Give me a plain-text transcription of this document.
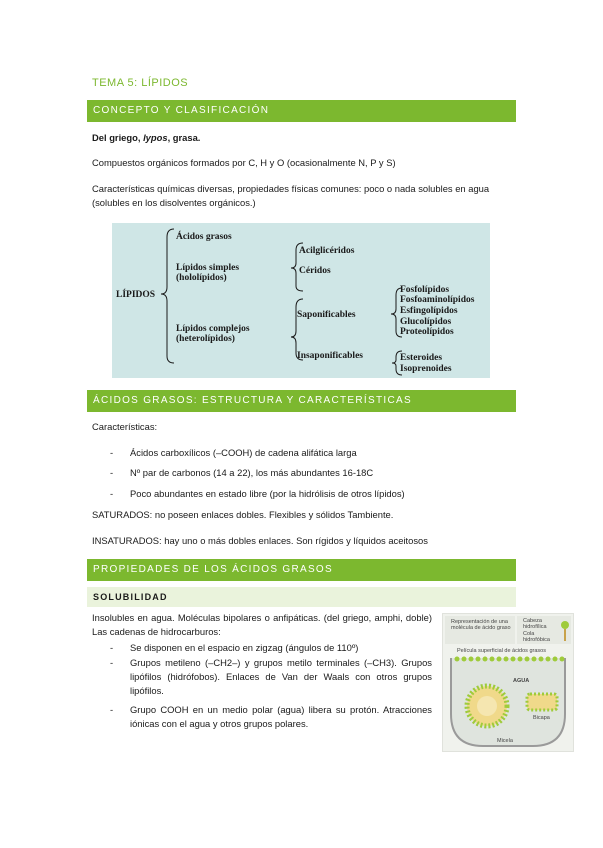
TEMA 5: LÍPIDOS
CONCEPTO Y CLASIFICACIÓN
Del griego, lypos, grasa.
Compuestos orgánicos formados por C, H y O (ocasionalmente N, P y S)
Características químicas diversas, propiedades físicas comunes: poco o nada solubles en agua (solubles en los disolventes orgánicos.)
LÍPIDOS
Ácidos grasos
Lípidos simples
(hololípidos)
Lípidos complejos
(heterolípidos)
Acilglicéridos
Céridos
Saponificables
Insaponificables
Fosfolípidos
Fosfoaminolípidos
Esfingolípidos
Glucolípidos
Proteolípidos
Esteroides
Isoprenoides
ÁCIDOS GRASOS: ESTRUCTURA Y CARACTERÍSTICAS
Características:
- Ácidos carboxílicos (–COOH) de cadena alifática larga
- Nº par de carbonos (14 a 22), los más abundantes 16-18C
- Poco abundantes en estado libre (por la hidrólisis de otros lípidos)
SATURADOS: no poseen enlaces dobles. Flexibles y sólidos Tambiente.
INSATURADOS: hay uno o más dobles enlaces. Son rígidos y líquidos aceitosos
PROPIEDADES DE LOS ÁCIDOS GRASOS
SOLUBILIDAD
Insolubles en agua. Moléculas bipolares o anfipáticas. (del griego, amphi, doble) Las cadenas de hidrocarburos:
- Se disponen en el espacio en zigzag (ángulos de 110º)
- Grupos metileno (–CH2–) y grupos metilo terminales (–CH3). Grupos lipófilos (hidrófobos). Enlaces de Van der Waals con otros grupos lipófilos.
- Grupo COOH en un medio polar (agua) libera su protón. Atracciones iónicas con el agua y otros grupos polares.
Representación de una molécula de ácido graso
Cabeza hidrofílica
Cola hidrofóbica
Película superficial de ácidos grasos
AGUA
Bicapa
Micela
